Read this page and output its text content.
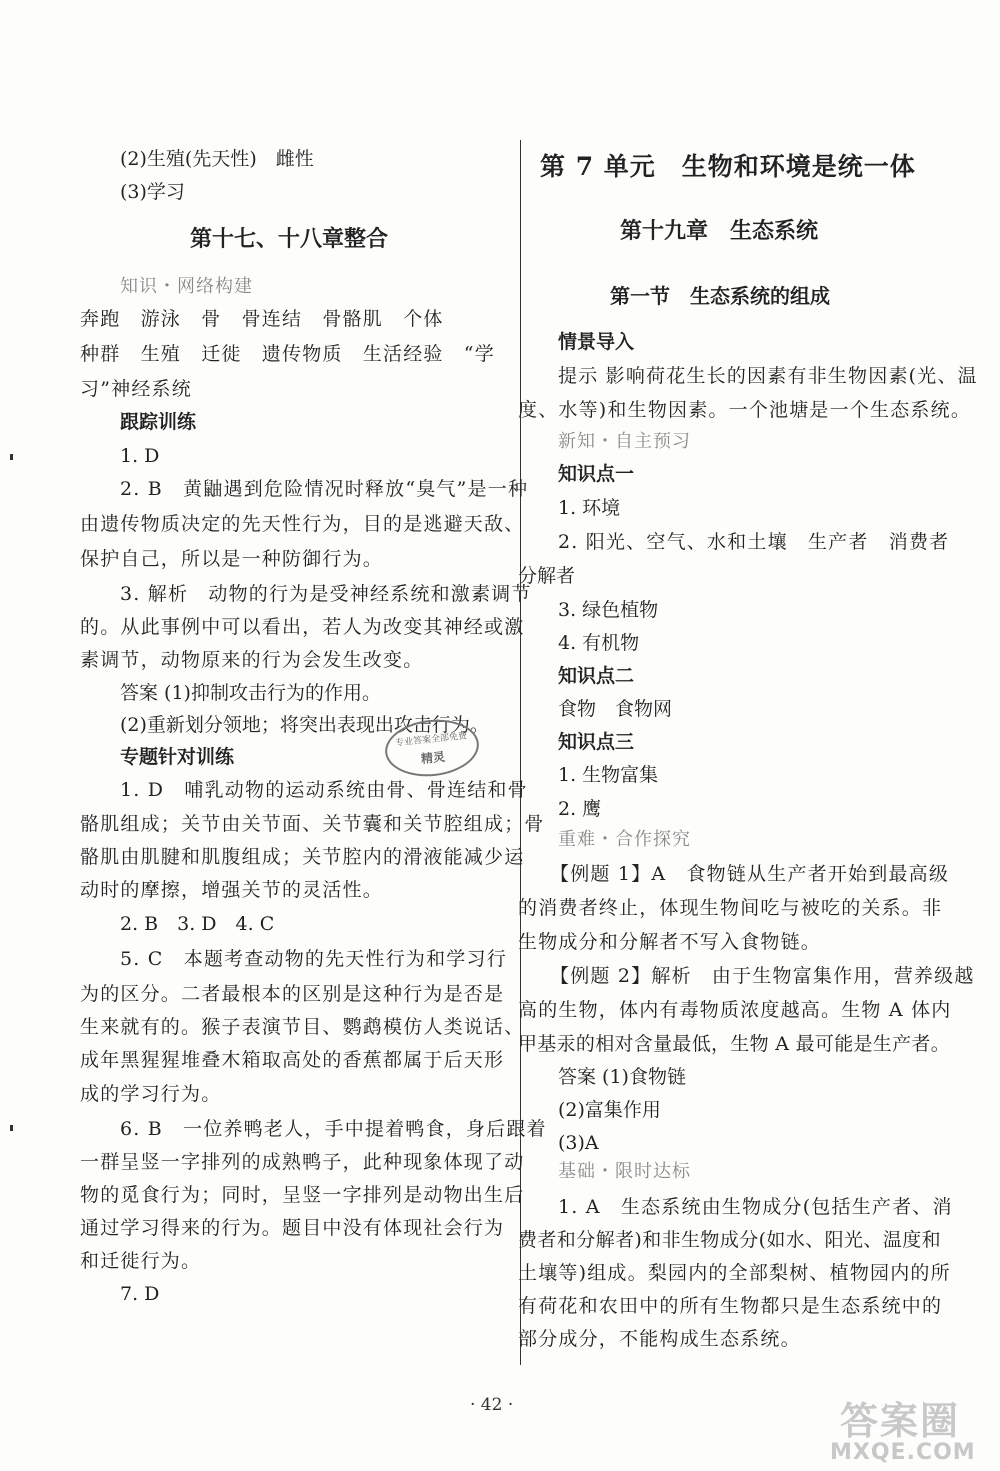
(2)生殖(先天性)　雌性
(3)学习
第十七、十八章整合
知识・网络构建
奔跑　游泳　骨　骨连结　骨骼肌　个体
种群　生殖　迁徙　遗传物质　生活经验　“学
习”神经系统
跟踪训练
1. D
2. B　黄鼬遇到危险情况时释放“臭气”是一种
由遗传物质决定的先天性行为，目的是逃避天敌、
保护自己，所以是一种防御行为。
3. 解析　动物的行为是受神经系统和激素调节
的。从此事例中可以看出，若人为改变其神经或激
素调节，动物原来的行为会发生改变。
答案 (1)抑制攻击行为的作用。
(2)重新划分领地；将突出表现出攻击行为。
专题针对训练
1. D　哺乳动物的运动系统由骨、骨连结和骨
骼肌组成；关节由关节面、关节囊和关节腔组成；骨
骼肌由肌腱和肌腹组成；关节腔内的滑液能减少运
动时的摩擦，增强关节的灵活性。
2. B　3. D　4. C
5. C　本题考查动物的先天性行为和学习行
为的区分。二者最根本的区别是这种行为是否是
生来就有的。猴子表演节目、鹦鹉模仿人类说话、
成年黑猩猩堆叠木箱取高处的香蕉都属于后天形
成的学习行为。
6. B　一位养鸭老人，手中提着鸭食，身后跟着
一群呈竖一字排列的成熟鸭子，此种现象体现了动
物的觅食行为；同时，呈竖一字排列是动物出生后
通过学习得来的行为。题目中没有体现社会行为
和迁徙行为。
7. D
专业答案全部免费
精灵
第 7 单元　生物和环境是统一体
第十九章　生态系统
第一节　生态系统的组成
情景导入
提示 影响荷花生长的因素有非生物因素(光、温
度、水等)和生物因素。一个池塘是一个生态系统。
新知・自主预习
知识点一
1. 环境
2. 阳光、空气、水和土壤　生产者　消费者
分解者
3. 绿色植物
4. 有机物
知识点二
食物　食物网
知识点三
1. 生物富集
2. 鹰
重难・合作探究
【例题 1】A　食物链从生产者开始到最高级
的消费者终止，体现生物间吃与被吃的关系。非
生物成分和分解者不写入食物链。
【例题 2】解析　由于生物富集作用，营养级越
高的生物，体内有毒物质浓度越高。生物 A 体内
甲基汞的相对含量最低，生物 A 最可能是生产者。
答案 (1)食物链
(2)富集作用
(3)A
基础・限时达标
1. A　生态系统由生物成分(包括生产者、消
费者和分解者)和非生物成分(如水、阳光、温度和
土壤等)组成。梨园内的全部梨树、植物园内的所
有荷花和农田中的所有生物都只是生态系统中的
部分成分，不能构成生态系统。
· 42 ·	答案圈
MXQE.COM
